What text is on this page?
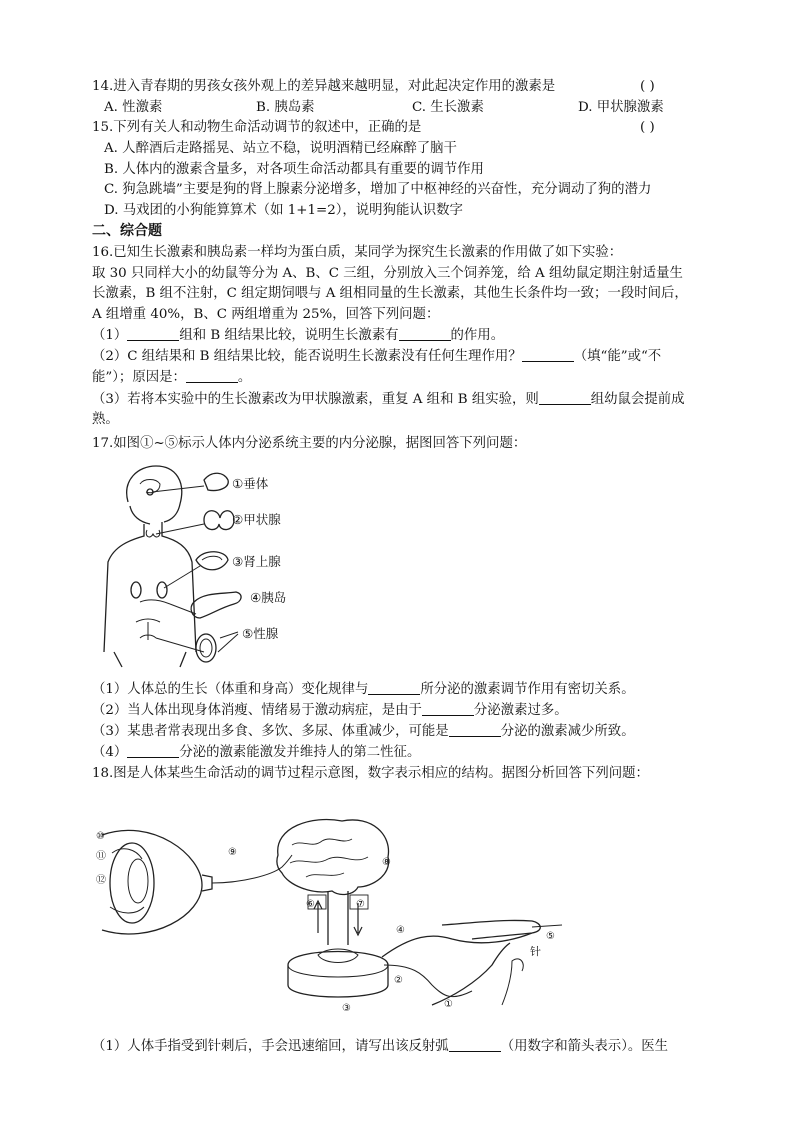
14.进入青春期的男孩女孩外观上的差异越来越明显，对此起决定作用的激素是	( )
A. 性激素	B. 胰岛素	C. 生长激素	D. 甲状腺激素
15.下列有关人和动物生命活动调节的叙述中，正确的是	( )
A. 人醉酒后走路摇晃、站立不稳，说明酒精已经麻醉了脑干
B. 人体内的激素含量多，对各项生命活动都具有重要的调节作用
C. 狗急跳墙”主要是狗的肾上腺素分泌增多，增加了中枢神经的兴奋性，充分调动了狗的潜力
D. 马戏团的小狗能算算术（如 1+1=2），说明狗能认识数字
二、综合题
16.已知生长激素和胰岛素一样均为蛋白质，某同学为探究生长激素的作用做了如下实验：
取 30 只同样大小的幼鼠等分为 A、B、C 三组，分别放入三个饲养笼，给 A 组幼鼠定期注射适量生
长激素，B 组不注射，C 组定期饲喂与 A 组相同量的生长激素，其他生长条件均一致；一段时间后，
A 组增重 40%，B、C 两组增重为 25%，回答下列问题：
（1）	组和 B 组结果比较，说明生长激素有	的作用。
（2）C 组结果和 B 组结果比较，能否说明生长激素没有任何生理作用？	（填“能”或“不
能”）；原因是：	。
（3）若将本实验中的生长激素改为甲状腺激素，重复 A 组和 B 组实验，则	组幼鼠会提前成
熟。
17.如图①~⑤标示人体内分泌系统主要的内分泌腺，据图回答下列问题：
①垂体
②甲状腺
③肾上腺
④胰岛
⑤性腺
（1）人体总的生长（体重和身高）变化规律与	所分泌的激素调节作用有密切关系。
（2）当人体出现身体消瘦、情绪易于激动病症，是由于	分泌激素过多。
（3）某患者常表现出多食、多饮、多尿、体重减少，可能是	分泌的激素减少所致。
（4）	分泌的激素能激发并维持人的第二性征。
18.图是人体某些生命活动的调节过程示意图，数字表示相应的结构。据图分析回答下列问题：
⑩
⑪
⑫
⑨
⑧
⑥	⑦
④
⑤
针
②
③	①
（1）人体手指受到针刺后，手会迅速缩回，请写出该反射弧	（用数字和箭头表示）。医生
